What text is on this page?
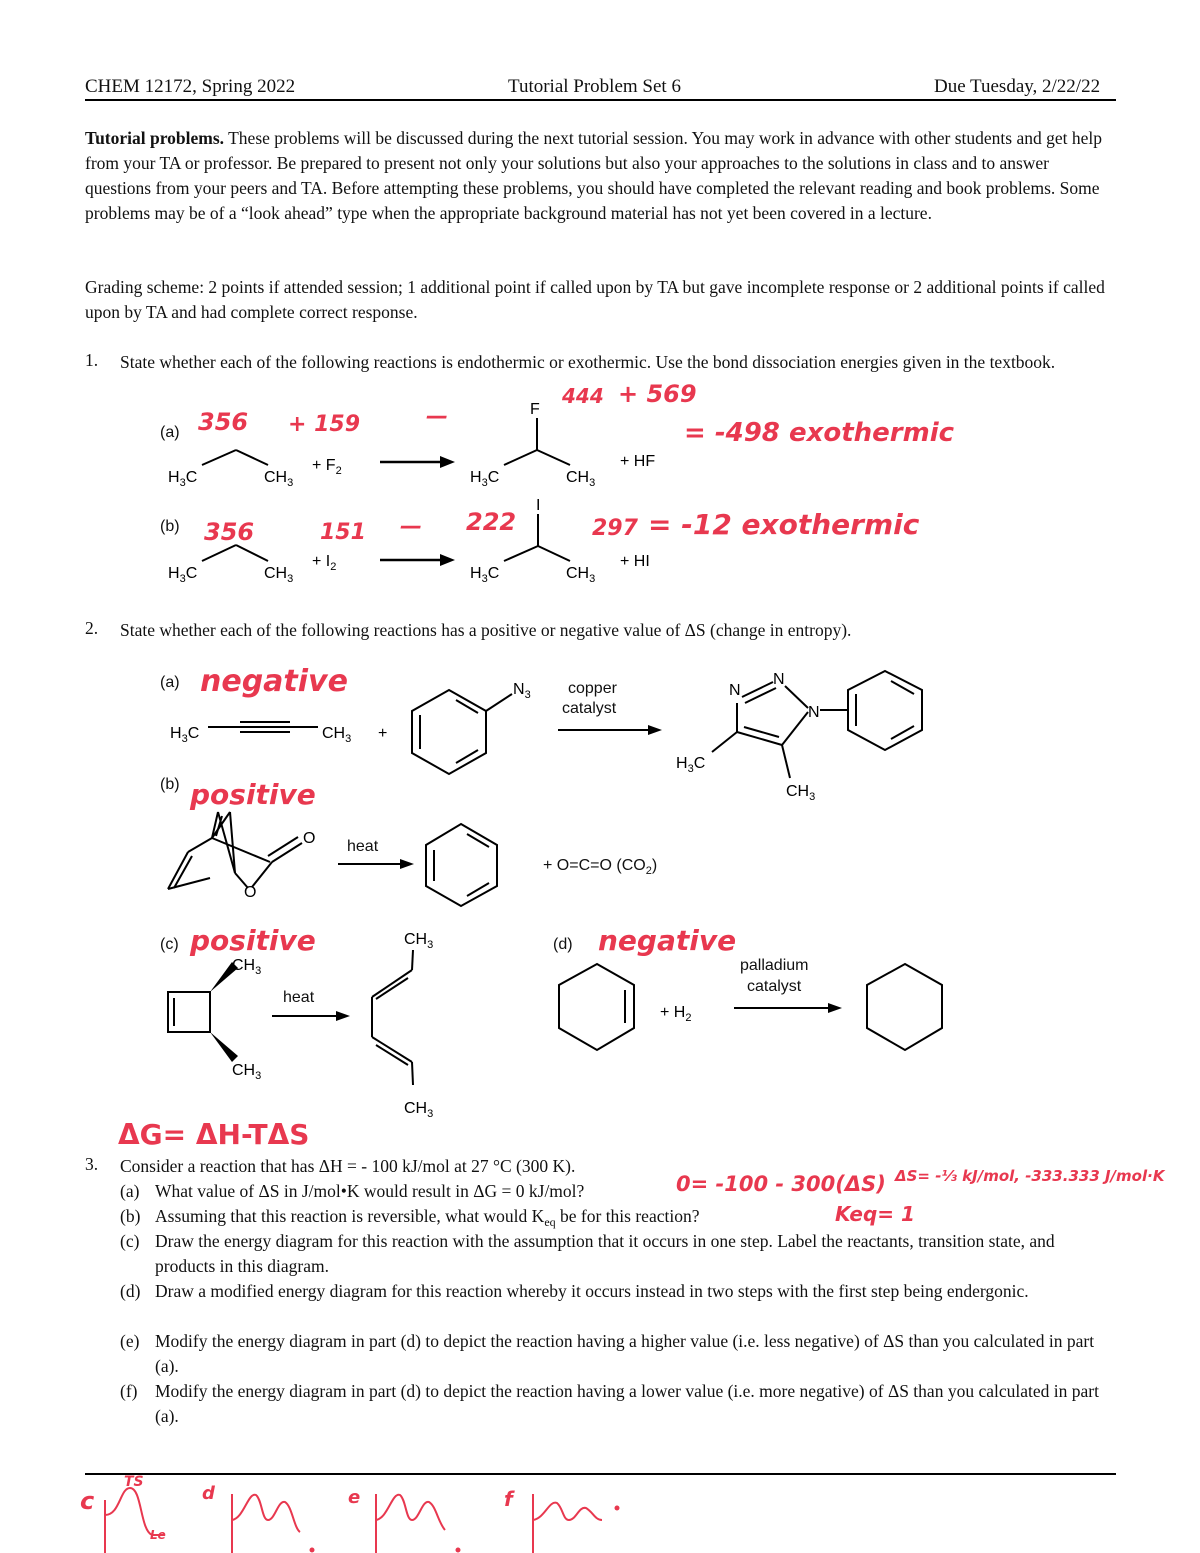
CHEM 12172, Spring 2022	Tutorial Problem Set 6	Due Tuesday, 2/22/22
Tutorial problems. These problems will be discussed during the next tutorial session. You may work in advance with other students and get help from your TA or professor. Be prepared to present not only your solutions but also your approaches to the solutions in class and to answer questions from your peers and TA. Before attempting these problems, you should have completed the relevant reading and book problems. Some problems may be of a “look ahead” type when the appropriate background material has not yet been covered in a lecture.
Grading scheme: 2 points if attended session; 1 additional point if called upon by TA but gave incomplete response or 2 additional points if called upon by TA and had complete correct response.
1. State whether each of the following reactions is endothermic or exothermic. Use the bond dissociation energies given in the textbook.
(a)
(b)
$H_3C$	$CH_3$
+ $F_2$
F
$H_3C$	$CH_3$
+ HF
$H_3C$	$CH_3$
+ $I_2$
I
$H_3C$	$CH_3$
+ HI
356 + 159	—
444 + 569
= -498 exothermic
356	151 — 222	297 = -12 exothermic
2. State whether each of the following reactions has a positive or negative value of ΔS (change in entropy).
(a)
(b)
(c)	(d)
copper
catalyst
heat
heat
palladium
catalyst
+ O=C=O $(CO_2)$
$H_3C$	$CH_3$ +
$N_3$	N
N
N
$H_3C$
$CH_3$
O
O
$CH_3$
$CH_3$
$CH_3$
$CH_3$
+ $H_2$
negative
positive
positive	negative
ΔG= ΔH-TΔS
3. Consider a reaction that has ΔH = - 100 kJ/mol at 27 °C (300 K).
(a) What value of ΔS in J/mol•K would result in ΔG = 0 kJ/mol?
(b) Assuming that this reaction is reversible, what would $K_{eq}$ be for this reaction?
(c) Draw the energy diagram for this reaction with the assumption that it occurs in one step. Label the reactants, transition state, and products in this diagram.
(d) Draw a modified energy diagram for this reaction whereby it occurs instead in two steps with the first step being endergonic.
(e) Modify the energy diagram in part (d) to depict the reaction having a higher value (i.e. less negative) of ΔS than you calculated in part (a).
(f) Modify the energy diagram in part (d) to depict the reaction having a lower value (i.e. more negative) of ΔS than you calculated in part (a).
0= -100 - 300(ΔS) ΔS= -⅓ kJ/mol, -333.333 J/mol·K
Keq= 1
c
TS
d	e	f
Le
